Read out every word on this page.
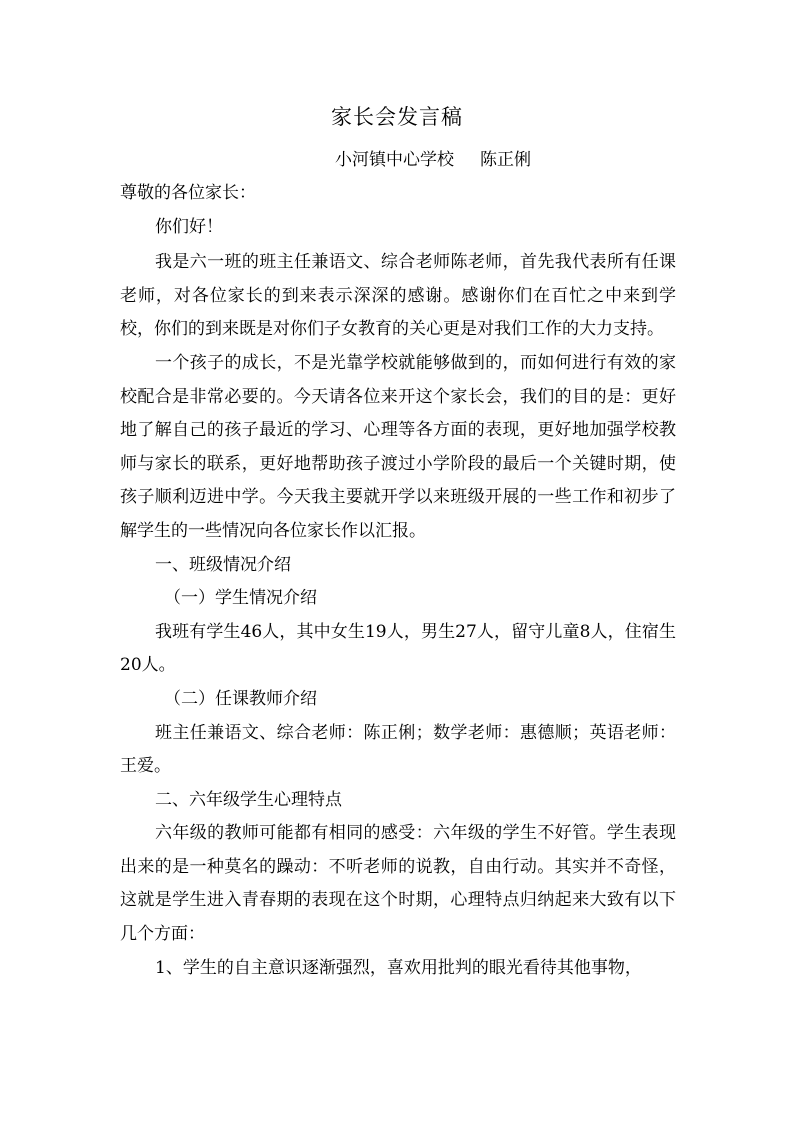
家长会发言稿
小河镇中心学校 陈正俐

尊敬的各位家长：

你们好！

我是六一班的班主任兼语文、综合老师陈老师，首先我代表所有任课老师，对各位家长的到来表示深深的感谢。感谢你们在百忙之中来到学校，你们的到来既是对你们子女教育的关心更是对我们工作的大力支持。

一个孩子的成长，不是光靠学校就能够做到的，而如何进行有效的家校配合是非常必要的。今天请各位来开这个家长会，我们的目的是：更好地了解自己的孩子最近的学习、心理等各方面的表现，更好地加强学校教师与家长的联系，更好地帮助孩子渡过小学阶段的最后一个关键时期，使孩子顺利迈进中学。今天我主要就开学以来班级开展的一些工作和初步了解学生的一些情况向各位家长作以汇报。

一、班级情况介绍

（一）学生情况介绍

我班有学生46人，其中女生19人，男生27人，留守儿童8人，住宿生20人。

（二）任课教师介绍

班主任兼语文、综合老师：陈正俐；数学老师：惠德顺；英语老师：王爱。

二、六年级学生心理特点

六年级的教师可能都有相同的感受：六年级的学生不好管。学生表现出来的是一种莫名的躁动：不听老师的说教，自由行动。其实并不奇怪，这就是学生进入青春期的表现在这个时期，心理特点归纳起来大致有以下几个方面：

1、学生的自主意识逐渐强烈，喜欢用批判的眼光看待其他事物，
